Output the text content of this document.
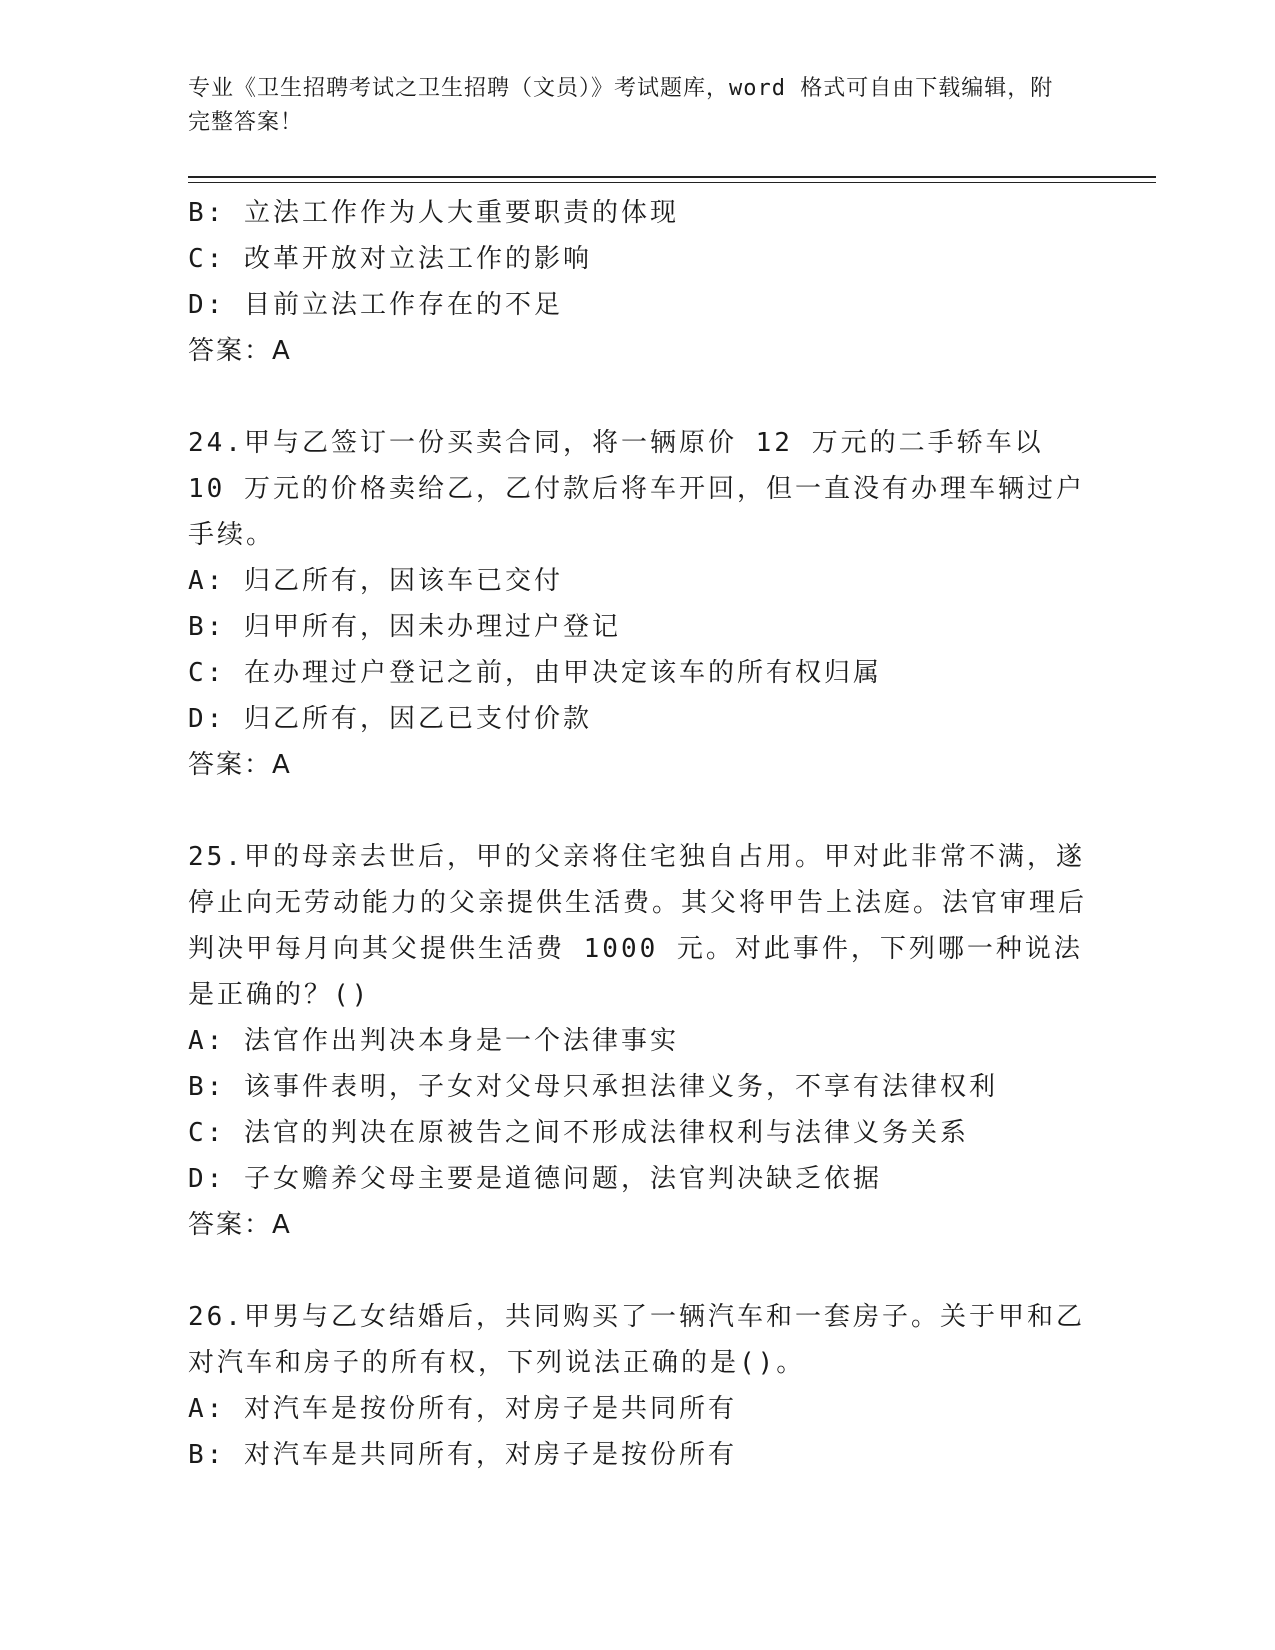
专业《卫生招聘考试之卫生招聘（文员）》考试题库，word 格式可自由下载编辑，附完整答案！

B: 立法工作作为人大重要职责的体现

C: 改革开放对立法工作的影响

D: 目前立法工作存在的不足

答案：A

24.甲与乙签订一份买卖合同，将一辆原价 12 万元的二手轿车以 10 万元的价格卖给乙，乙付款后将车开回，但一直没有办理车辆过户手续。

A: 归乙所有，因该车已交付

B: 归甲所有，因未办理过户登记

C: 在办理过户登记之前，由甲决定该车的所有权归属

D: 归乙所有，因乙已支付价款

答案：A

25.甲的母亲去世后，甲的父亲将住宅独自占用。甲对此非常不满，遂停止向无劳动能力的父亲提供生活费。其父将甲告上法庭。法官审理后判决甲每月向其父提供生活费 1000 元。对此事件，下列哪一种说法是正确的？()

A: 法官作出判决本身是一个法律事实

B: 该事件表明，子女对父母只承担法律义务，不享有法律权利

C: 法官的判决在原被告之间不形成法律权利与法律义务关系

D: 子女赡养父母主要是道德问题，法官判决缺乏依据

答案：A

26.甲男与乙女结婚后，共同购买了一辆汽车和一套房子。关于甲和乙对汽车和房子的所有权，下列说法正确的是()。

A: 对汽车是按份所有，对房子是共同所有

B: 对汽车是共同所有，对房子是按份所有
